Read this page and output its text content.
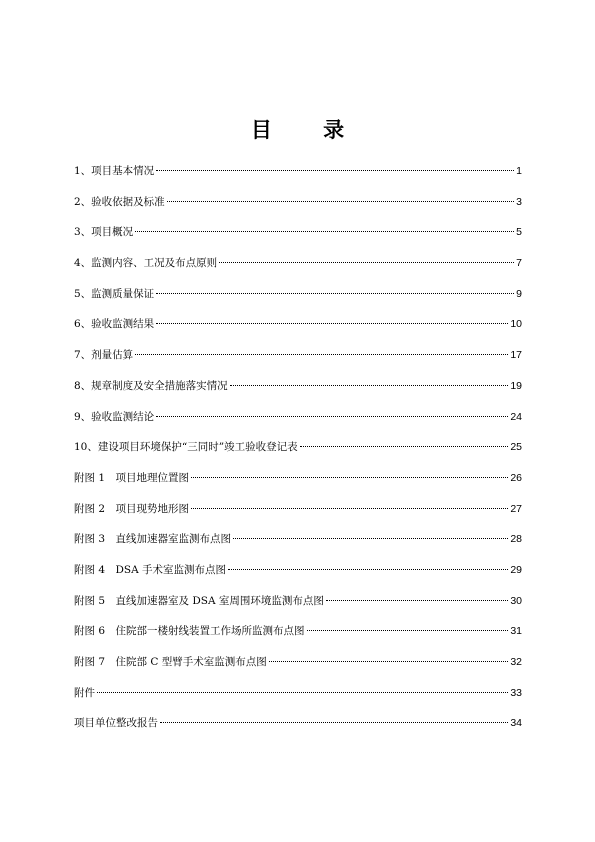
目 录
1、项目基本情况	1
2、验收依据及标准	3
3、项目概况	5
4、监测内容、工况及布点原则	7
5、监测质量保证	9
6、验收监测结果	10
7、剂量估算	17
8、规章制度及安全措施落实情况	19
9、验收监测结论	24
10、建设项目环境保护“三同时”竣工验收登记表	25
附图 1　项目地理位置图	26
附图 2　项目现势地形图	27
附图 3　直线加速器室监测布点图	28
附图 4　DSA 手术室监测布点图	29
附图 5　直线加速器室及 DSA 室周围环境监测布点图	30
附图 6　住院部一楼射线装置工作场所监测布点图	31
附图 7　住院部 C 型臂手术室监测布点图	32
附件	33
项目单位整改报告	34
